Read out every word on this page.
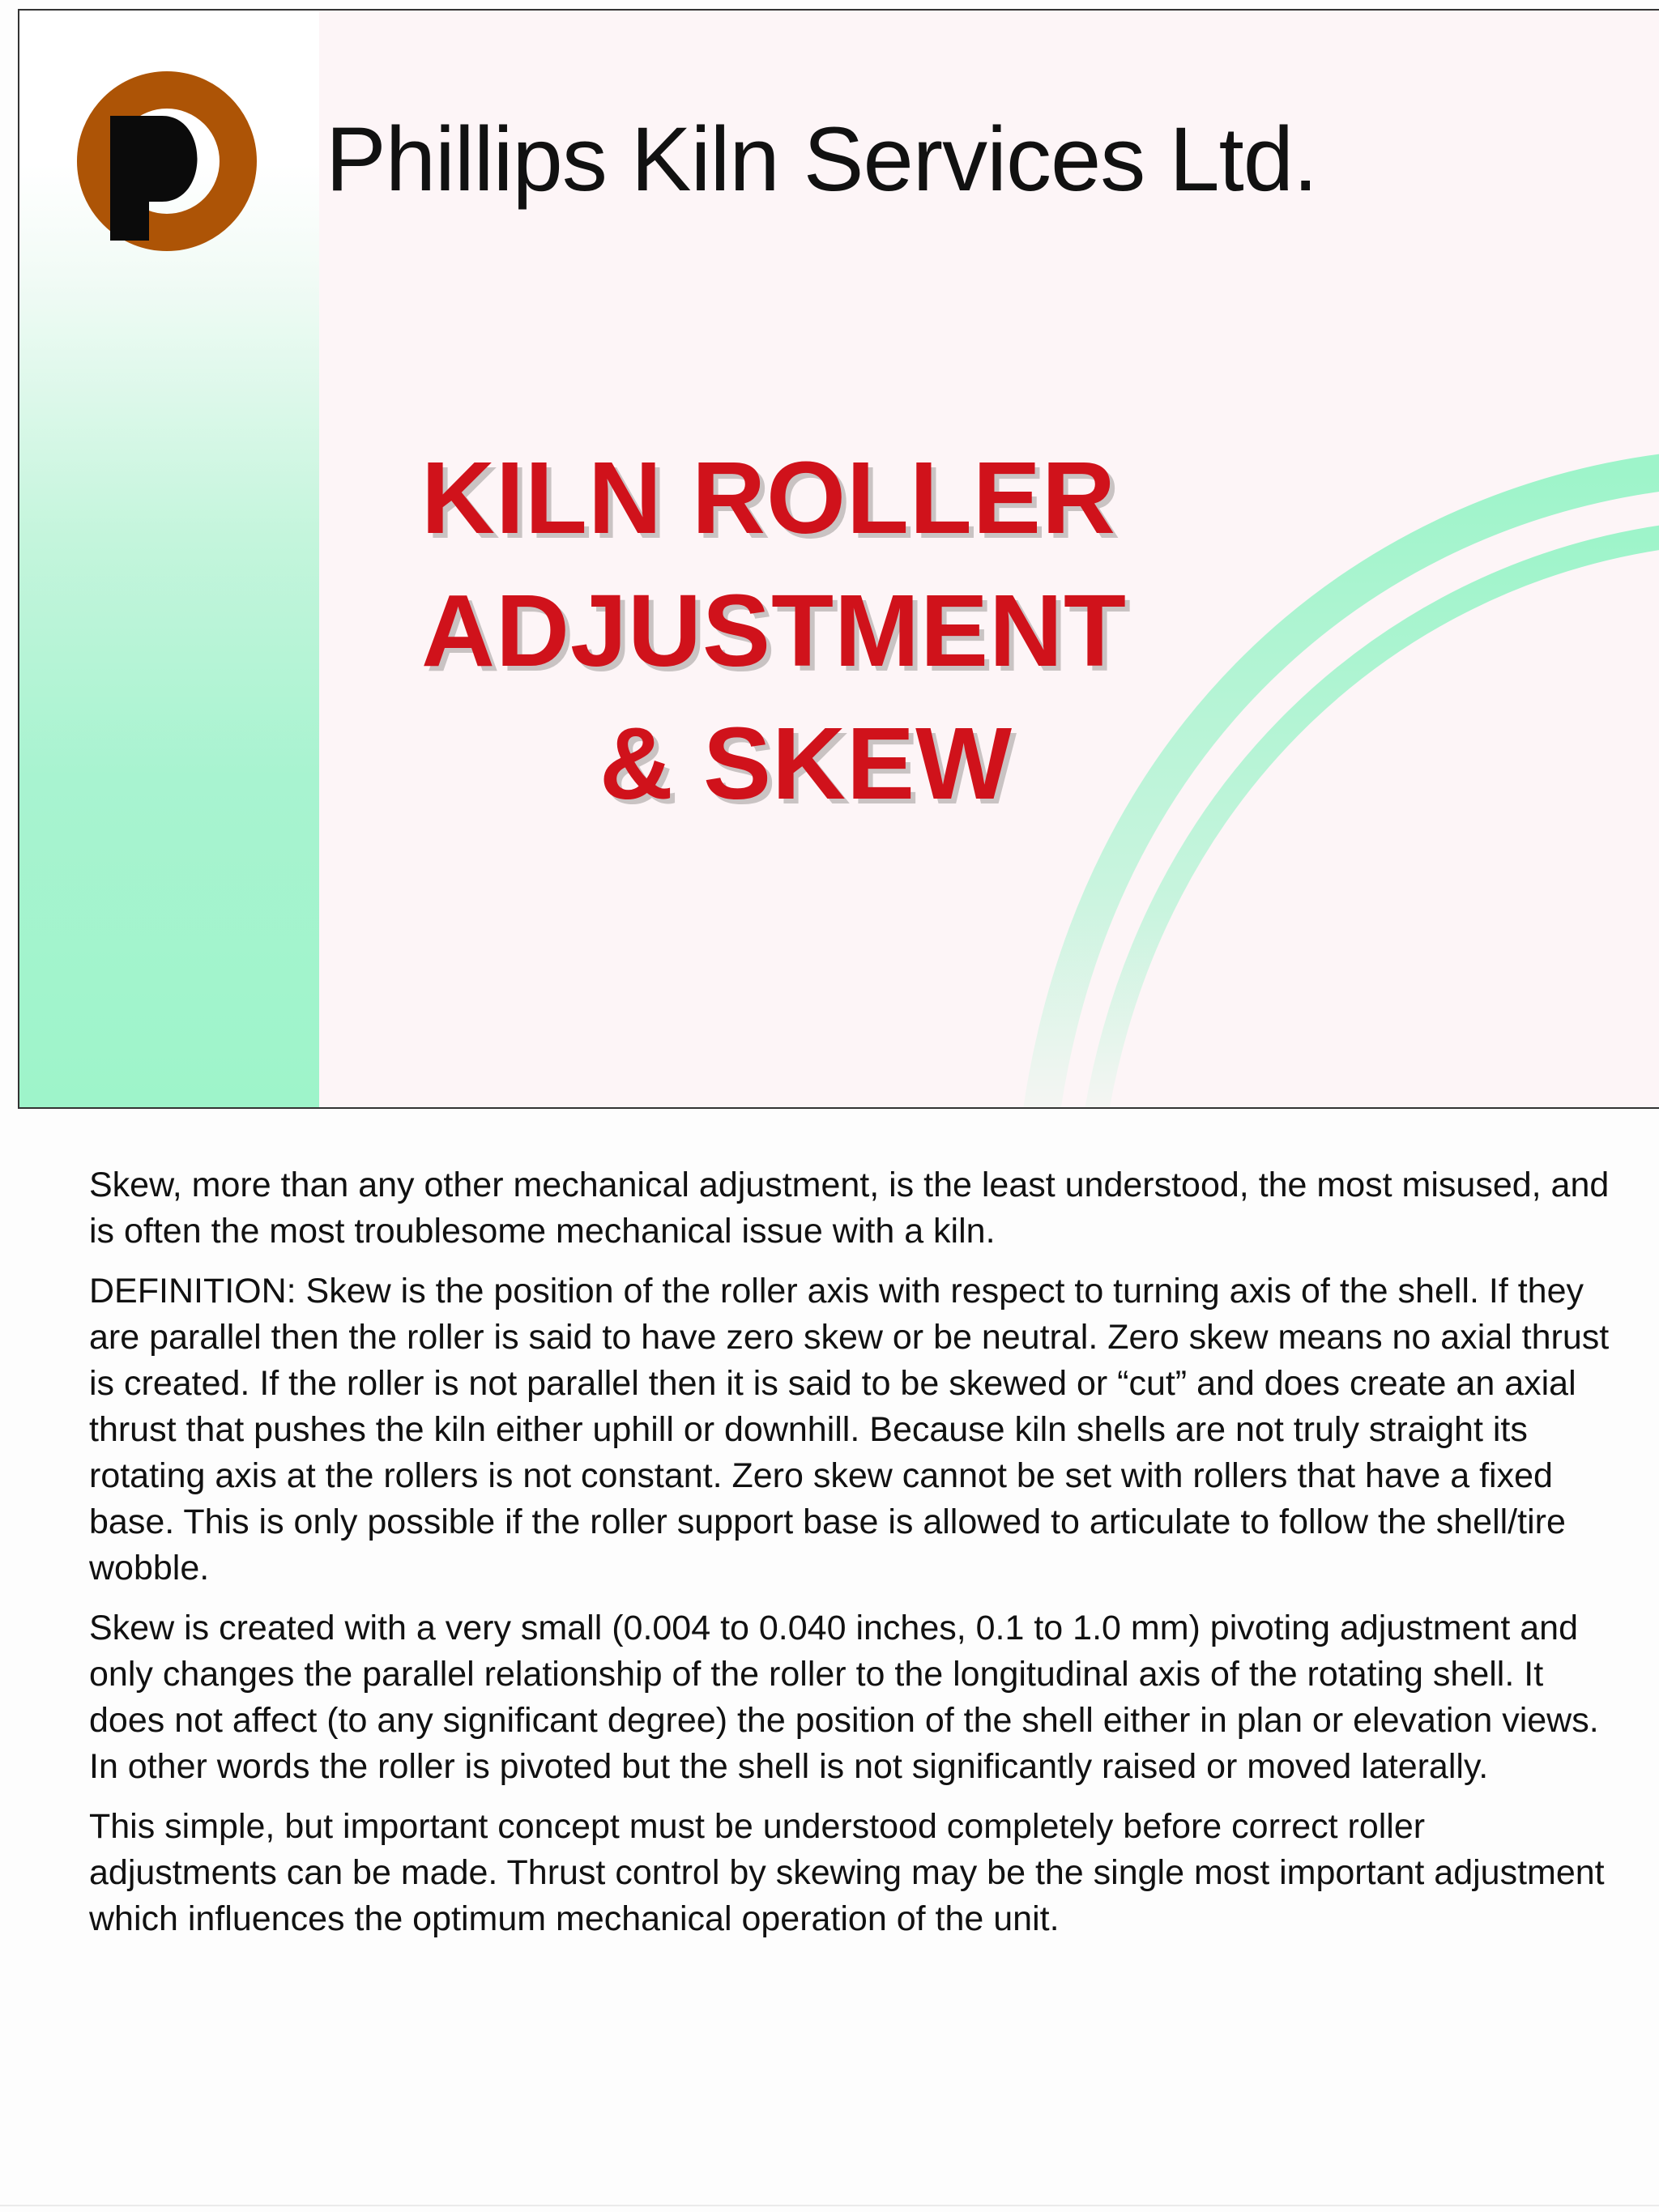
Phillips Kiln Services Ltd.
KILN ROLLER
ADJUSTMENT
& SKEW

Skew, more than any other mechanical adjustment, is the least understood, the most misused, and is often the most troublesome mechanical issue with a kiln.

DEFINITION: Skew is the position of the roller axis with respect to turning axis of the shell. If they are parallel then the roller is said to have zero skew or be neutral. Zero skew means no axial thrust is created. If the roller is not parallel then it is said to be skewed or “cut” and does create an axial thrust that pushes the kiln either uphill or downhill. Because kiln shells are not truly straight its rotating axis at the rollers is not constant. Zero skew cannot be set with rollers that have a fixed base. This is only possible if the roller support base is allowed to articulate to follow the shell/tire wobble.

Skew is created with a very small (0.004 to 0.040 inches, 0.1 to 1.0 mm) pivoting adjustment and only changes the parallel relationship of the roller to the longitudinal axis of the rotating shell. It does not affect (to any significant degree) the position of the shell either in plan or elevation views. In other words the roller is pivoted but the shell is not significantly raised or moved laterally.

This simple, but important concept must be understood completely before correct roller adjustments can be made. Thrust control by skewing may be the single most important adjustment which influences the optimum mechanical operation of the unit.
